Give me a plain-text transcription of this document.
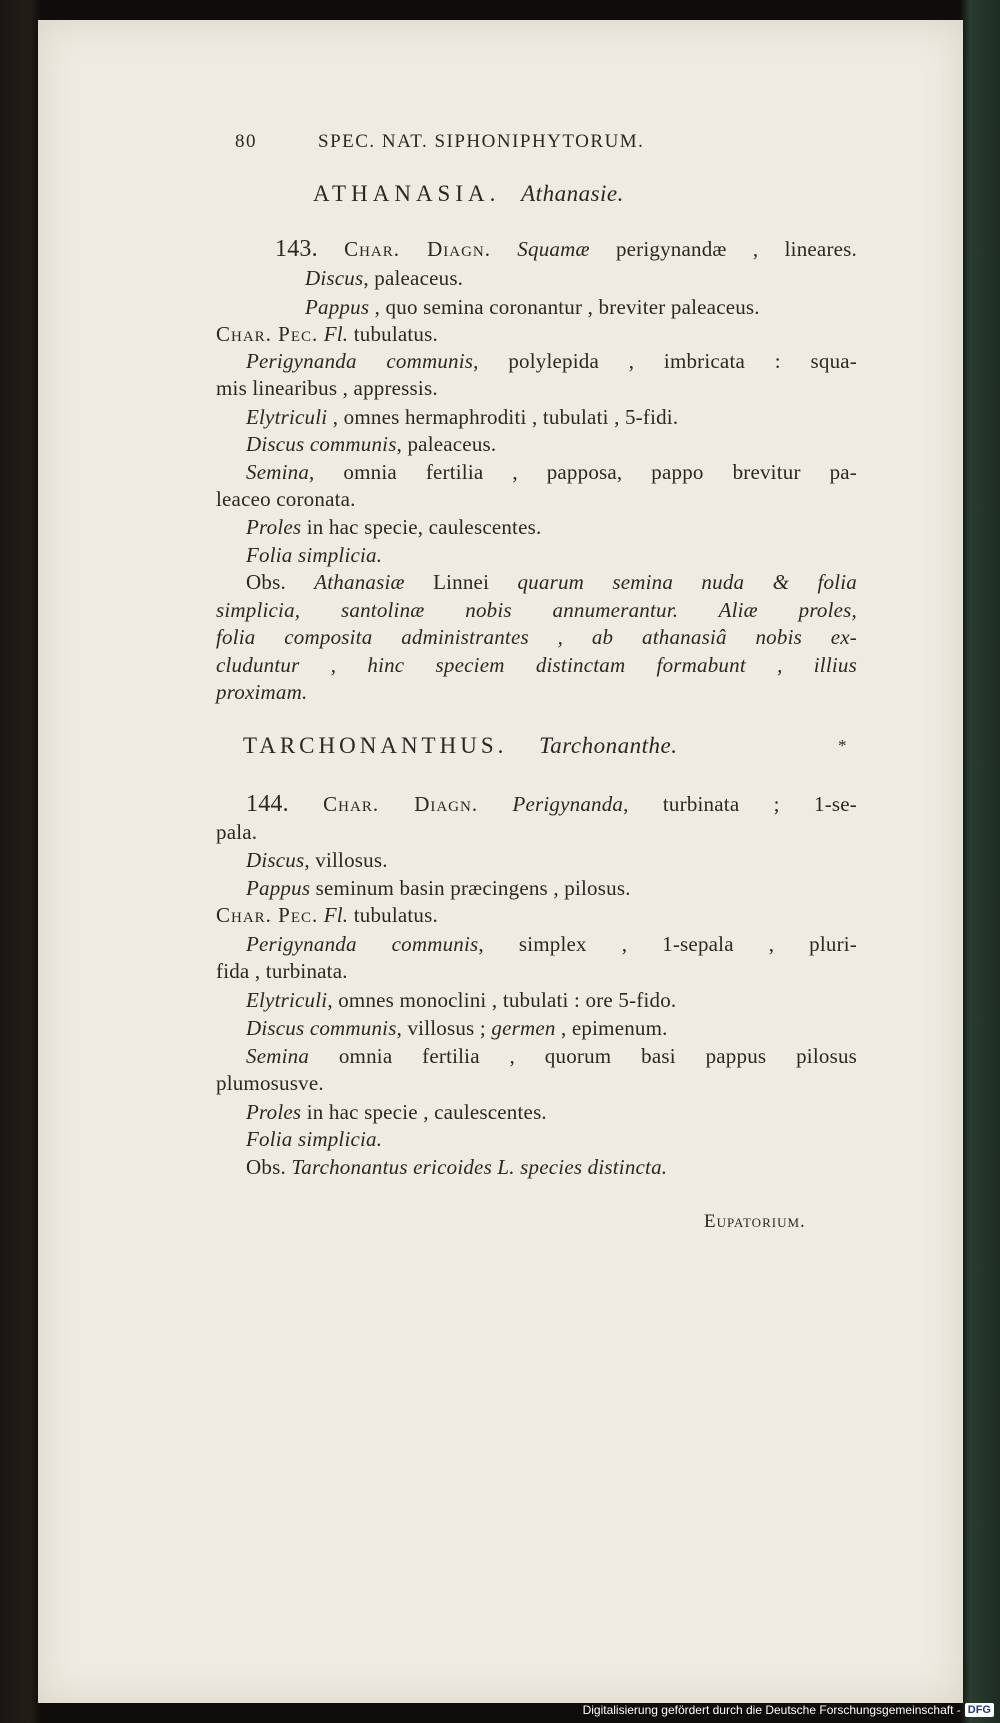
80	SPEC. NAT. SIPHONIPHYTORUM.
ATHANASIA. Athanasie.
143. Char. Diagn. Squamæ perigynandæ , lineares.
Discus, paleaceus.
Pappus , quo semina coronantur , breviter paleaceus.
Char. Pec. Fl. tubulatus.
Perigynanda communis, polylepida , imbricata : squa-
mis linearibus , appressis.
Elytriculi , omnes hermaphroditi , tubulati , 5-fidi.
Discus communis, paleaceus.
Semina, omnia fertilia , papposa, pappo brevitur pa-
leaceo coronata.
Proles in hac specie, caulescentes.
Folia simplicia.
Obs. Athanasiæ Linnei quarum semina nuda & folia
simplicia, santolinæ nobis annumerantur. Aliæ proles,
folia composita administrantes , ab athanasiâ nobis ex-
cluduntur , hinc speciem distinctam formabunt , illius
proximam.
TARCHONANTHUS. Tarchonanthe.	*
144. Char. Diagn. Perigynanda, turbinata ; 1-se-
pala.
Discus, villosus.
Pappus seminum basin præcingens , pilosus.
Char. Pec. Fl. tubulatus.
Perigynanda communis, simplex , 1-sepala , pluri-
fida , turbinata.
Elytriculi, omnes monoclini , tubulati : ore 5-fido.
Discus communis, villosus ; germen , epimenum.
Semina omnia fertilia , quorum basi pappus pilosus
plumosusve.
Proles in hac specie , caulescentes.
Folia simplicia.
Obs. Tarchonantus ericoides L. species distincta.
Eupatorium.
Digitalisierung gefördert durch die Deutsche Forschungsgemeinschaft - DFG
